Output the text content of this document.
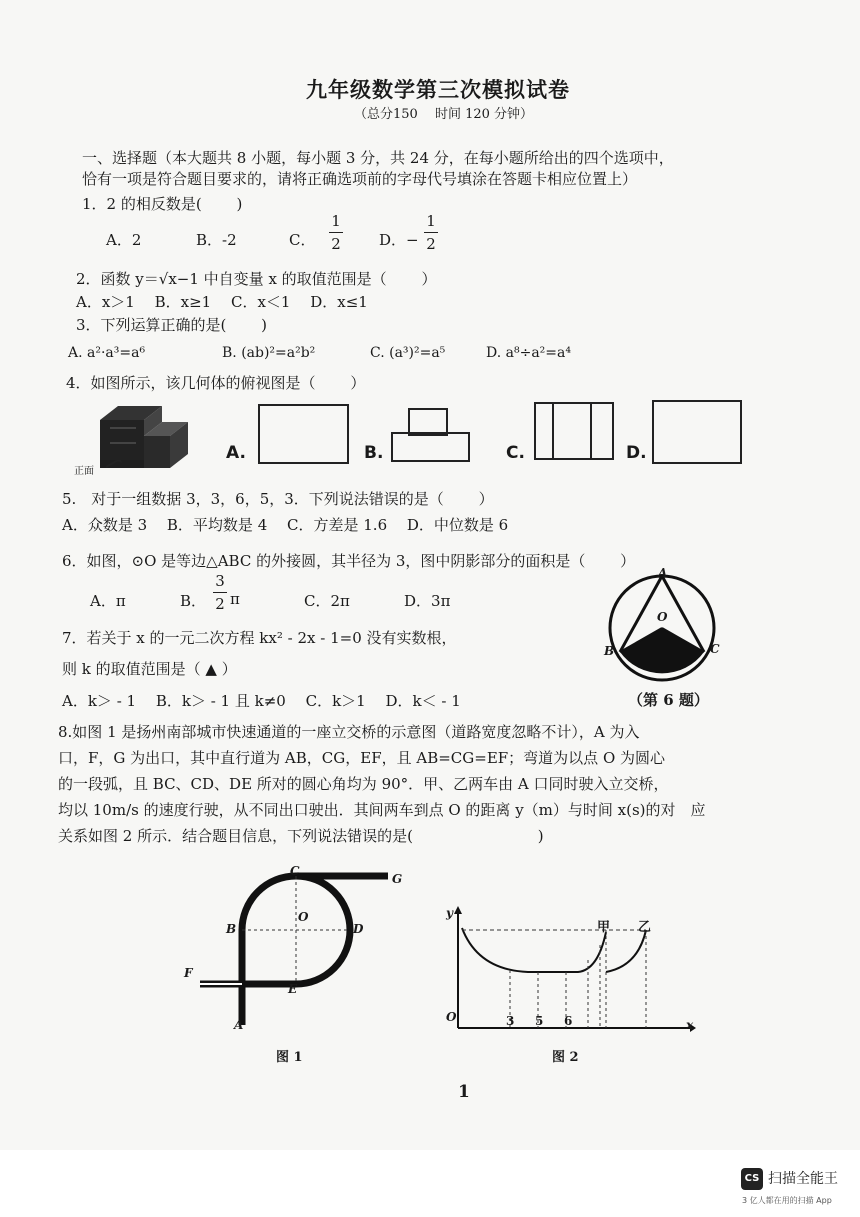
九年级数学第三次模拟试卷
（总分150　 时间 120 分钟）
一、选择题（本大题共 8 小题，每小题 3 分，共 24 分，在每小题所给出的四个选项中，
恰有一项是符合题目要求的，请将正确选项前的字母代号填涂在答题卡相应位置上）
1．2 的相反数是(　　 )
A．2	B．-2	C．
1
2	D．−
1
2
2．函数 y＝√x−1 中自变量 x 的取值范围是（　　 ）
A．x＞1　 B．x≥1　 C．x＜1　 D．x≤1
3．下列运算正确的是(　　 )
A. a²·a³=a⁶	B. (ab)²=a²b²	C. (a³)²=a⁵	D. a⁸÷a²=a⁴
4．如图所示，该几何体的俯视图是（　　 ）
正面
A.	B.	C.	D.
5.　对于一组数据 3，3，6，5，3．下列说法错误的是（　　 ）
A．众数是 3　 B．平均数是 4　 C．方差是 1.6　 D．中位数是 6
6．如图，⊙O 是等边△ABC 的外接圆，其半径为 3，图中阴影部分的面积是（　　 ）
A．π	B．
3
2 π	C．2π	D．3π
A
O
B	C
（第 6 题）
7．若关于 x 的一元二次方程 kx² - 2x - 1=0 没有实数根，
则 k 的取值范围是（ ▲ ）
A．k＞ - 1　 B．k＞ - 1 且 k≠0　 C．k＞1　 D．k＜ - 1
8.如图 1 是扬州南部城市快速通道的一座立交桥的示意图（道路宽度忽略不计），A 为入
口，F，G 为出口，其中直行道为 AB，CG，EF，且 AB=CG=EF；弯道为以点 O 为圆心
的一段弧，且 BC、CD、DE 所对的圆心角均为 90°．甲、乙两车由 A 口同时驶入立交桥，
均以 10m/s 的速度行驶，从不同出口驶出．其间两车到点 O 的距离 y（m）与时间 x(s)的对　应
关系如图 2 所示．结合题目信息，下列说法错误的是(　　　　　　　　 )
A
B
C
D
E
F
G
O
图 1
y
x
O	3 5 6
甲 乙
图 2
1
CS 扫描全能王
3 亿人都在用的扫描 App
